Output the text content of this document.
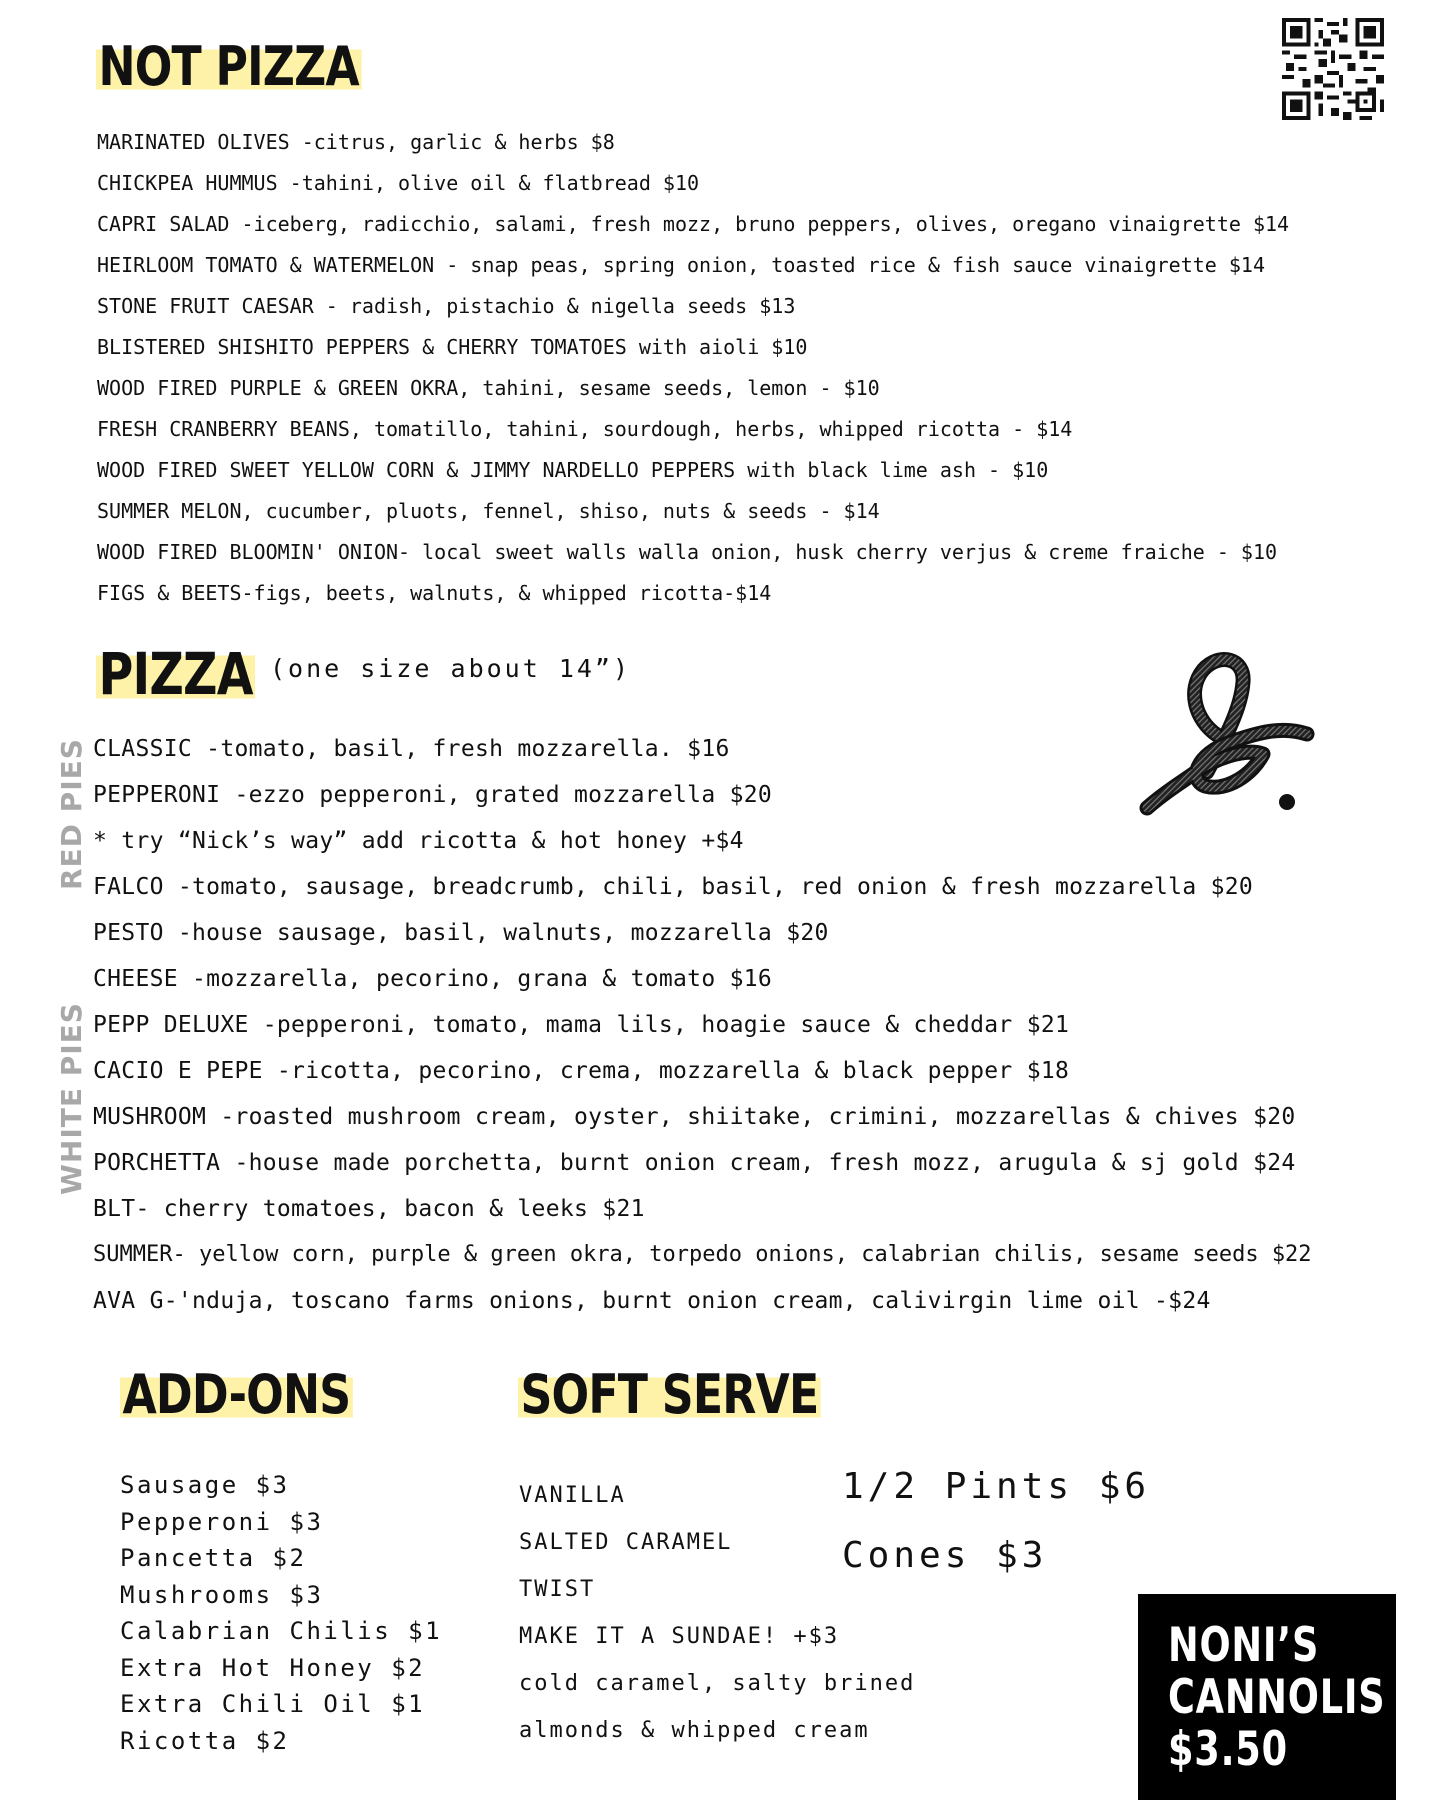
NOT PIZZA
MARINATED OLIVES -citrus, garlic & herbs $8
CHICKPEA HUMMUS -tahini, olive oil & flatbread $10
CAPRI SALAD -iceberg, radicchio, salami, fresh mozz, bruno peppers, olives, oregano vinaigrette $14
HEIRLOOM TOMATO & WATERMELON - snap peas, spring onion, toasted rice & fish sauce vinaigrette $14
STONE FRUIT CAESAR - radish, pistachio & nigella seeds $13
BLISTERED SHISHITO PEPPERS & CHERRY TOMATOES with aioli $10
WOOD FIRED PURPLE & GREEN OKRA, tahini, sesame seeds, lemon - $10
FRESH CRANBERRY BEANS, tomatillo, tahini, sourdough, herbs, whipped ricotta - $14
WOOD FIRED SWEET YELLOW CORN & JIMMY NARDELLO PEPPERS with black lime ash - $10
SUMMER MELON, cucumber, pluots, fennel, shiso, nuts & seeds - $14
WOOD FIRED BLOOMIN' ONION- local sweet walls walla onion, husk cherry verjus & creme fraiche - $10
FIGS & BEETS-figs, beets, walnuts, & whipped ricotta-$14
PIZZA (one size about 14”)
RED PIES
WHITE PIES
CLASSIC -tomato, basil, fresh mozzarella. $16
PEPPERONI -ezzo pepperoni, grated mozzarella $20
* try “Nick’s way” add ricotta & hot honey +$4
FALCO -tomato, sausage, breadcrumb, chili, basil, red onion & fresh mozzarella $20
PESTO -house sausage, basil, walnuts, mozzarella $20
CHEESE -mozzarella, pecorino, grana & tomato $16
PEPP DELUXE -pepperoni, tomato, mama lils, hoagie sauce & cheddar $21
CACIO E PEPE -ricotta, pecorino, crema, mozzarella & black pepper $18
MUSHROOM -roasted mushroom cream, oyster, shiitake, crimini, mozzarellas & chives $20
PORCHETTA -house made porchetta, burnt onion cream, fresh mozz, arugula & sj gold $24
BLT- cherry tomatoes, bacon & leeks $21
SUMMER- yellow corn, purple & green okra, torpedo onions, calabrian chilis, sesame seeds $22
AVA G-'nduja, toscano farms onions, burnt onion cream, calivirgin lime oil -$24
ADD-ONS
Sausage $3
Pepperoni $3
Pancetta $2
Mushrooms $3
Calabrian Chilis $1
Extra Hot Honey $2
Extra Chili Oil $1
Ricotta $2
SOFT SERVE
VANILLA
SALTED CARAMEL
TWIST
MAKE IT A SUNDAE! +$3
cold caramel, salty brined
almonds & whipped cream
1/2 Pints $6
Cones $3
NONI’S
CANNOLIS
$3.50
